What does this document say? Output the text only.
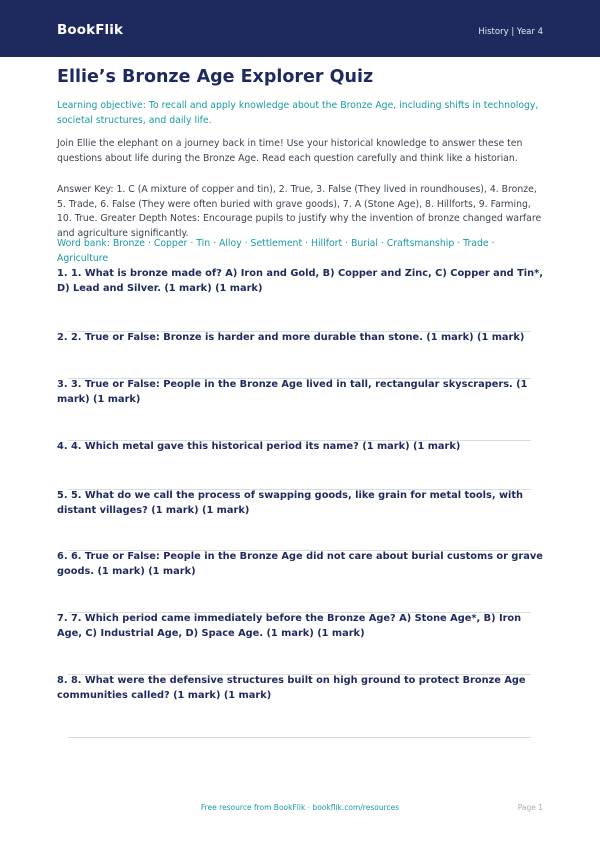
BookFlik	History | Year 4
Ellie’s Bronze Age Explorer Quiz
Learning objective: To recall and apply knowledge about the Bronze Age, including shifts in technology, societal structures, and daily life.
Join Ellie the elephant on a journey back in time! Use your historical knowledge to answer these ten questions about life during the Bronze Age. Read each question carefully and think like a historian.
Answer Key: 1. C (A mixture of copper and tin), 2. True, 3. False (They lived in roundhouses), 4. Bronze, 5. Trade, 6. False (They were often buried with grave goods), 7. A (Stone Age), 8. Hillforts, 9. Farming, 10. True. Greater Depth Notes: Encourage pupils to justify why the invention of bronze changed warfare and agriculture significantly.
Word bank: Bronze · Copper · Tin · Alloy · Settlement · Hillfort · Burial · Craftsmanship · Trade · Agriculture
1. 1. What is bronze made of? A) Iron and Gold, B) Copper and Zinc, C) Copper and Tin*, D) Lead and Silver. (1 mark) (1 mark)
2. 2. True or False: Bronze is harder and more durable than stone. (1 mark) (1 mark)
3. 3. True or False: People in the Bronze Age lived in tall, rectangular skyscrapers. (1 mark) (1 mark)
4. 4. Which metal gave this historical period its name? (1 mark) (1 mark)
5. 5. What do we call the process of swapping goods, like grain for metal tools, with distant villages? (1 mark) (1 mark)
6. 6. True or False: People in the Bronze Age did not care about burial customs or grave goods. (1 mark) (1 mark)
7. 7. Which period came immediately before the Bronze Age? A) Stone Age*, B) Iron Age, C) Industrial Age, D) Space Age. (1 mark) (1 mark)
8. 8. What were the defensive structures built on high ground to protect Bronze Age communities called? (1 mark) (1 mark)
Free resource from BookFlik · bookflik.com/resources	Page 1
